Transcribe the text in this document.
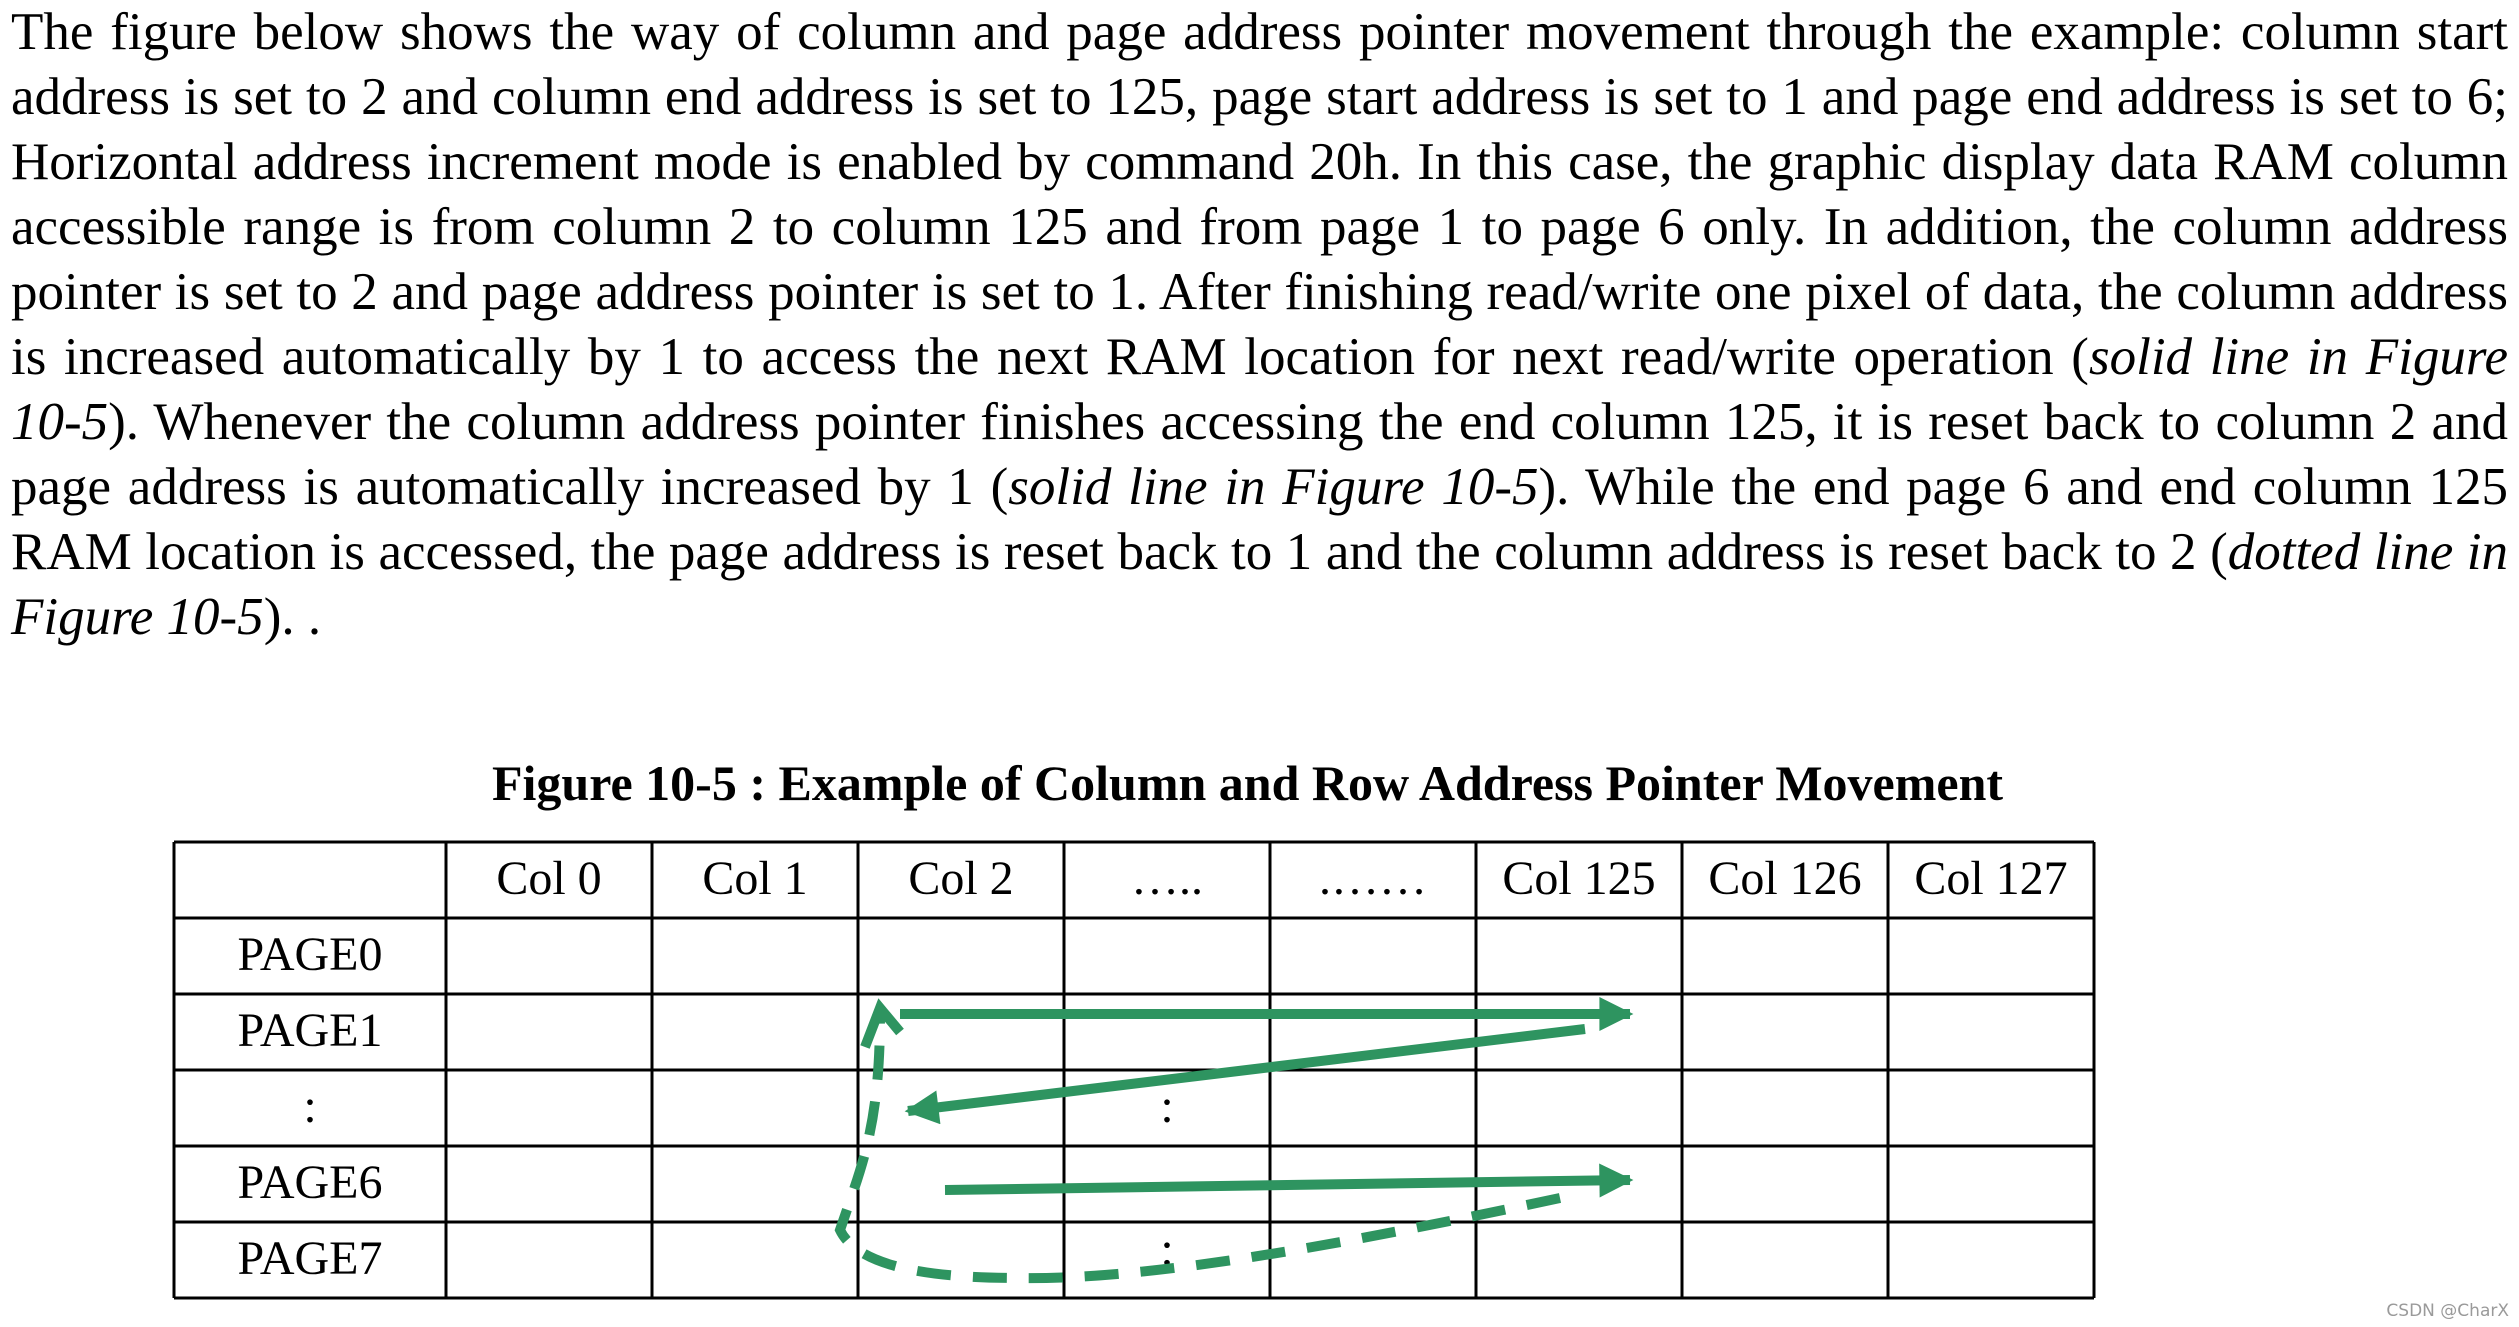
The figure below shows the way of column and page address pointer movement through the example: column start address is set to 2 and column end address is set to 125, page start address is set to 1 and page end address is set to 6; Horizontal address increment mode is enabled by command 20h. In this case, the graphic display data RAM column accessible range is from column 2 to column 125 and from page 1 to page 6 only. In addition, the column address pointer is set to 2 and page address pointer is set to 1. After finishing read/write one pixel of data, the column address is increased automatically by 1 to access the next RAM location for next read/write operation (solid line in Figure 10-5). Whenever the column address pointer finishes accessing the end column 125, it is reset back to column 2 and page address is automatically increased by 1 (solid line in Figure 10-5). While the end page 6 and end column 125 RAM location is accessed, the page address is reset back to 1 and the column address is reset back to 2 (dotted line in Figure 10-5). .

Figure 10-5 : Example of Column and Row Address Pointer Movement

Col 0 Col 1 Col 2 ….. .…… Col 125 Col 126 Col 127
PAGE0
PAGE1
:
PAGE6
PAGE7
:
:
CSDN @CharX
